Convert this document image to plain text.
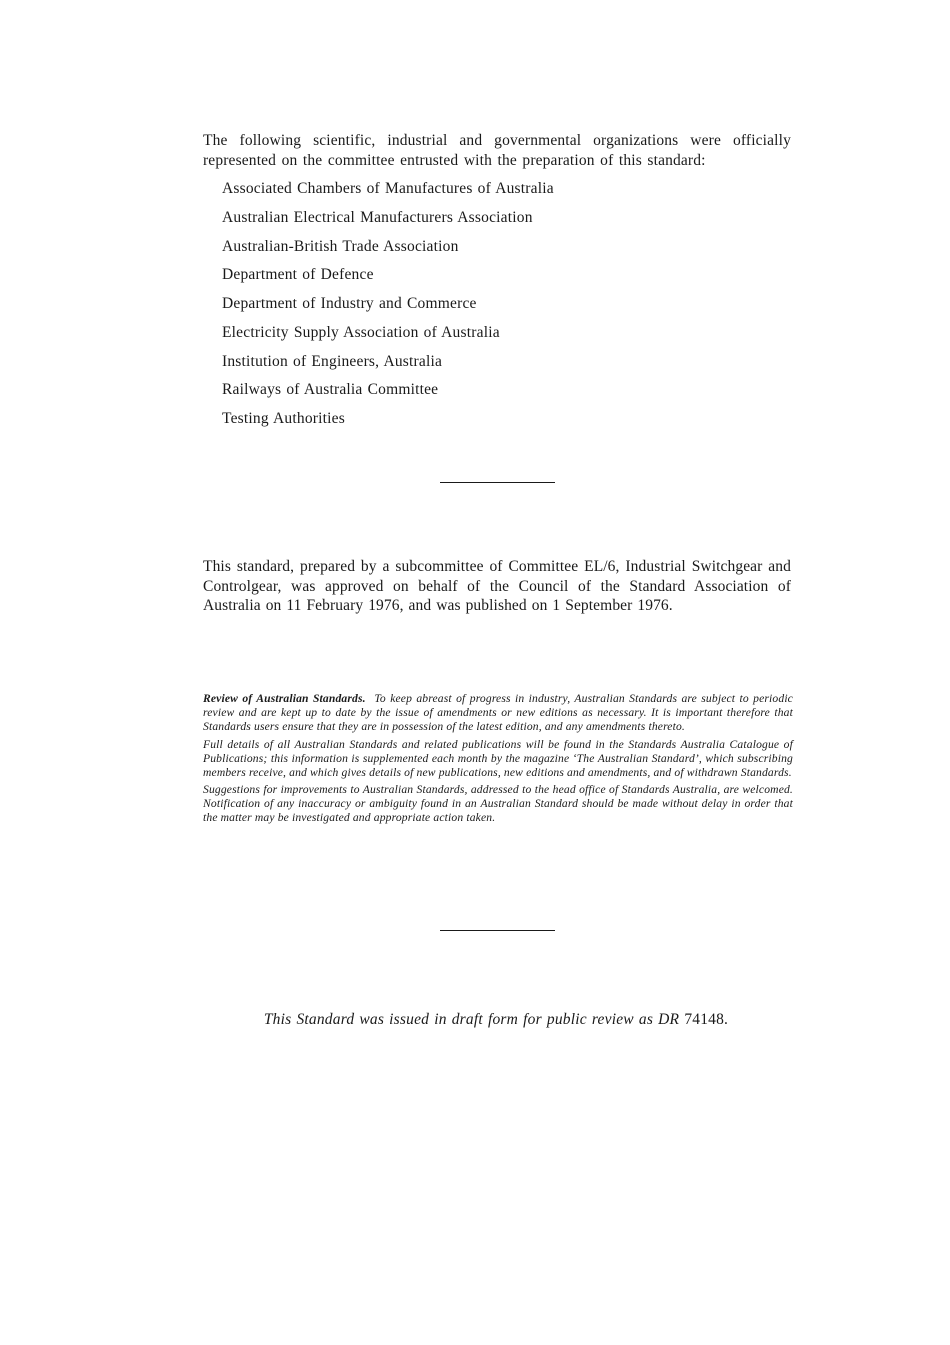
The following scientific, industrial and governmental organizations were officially represented on the committee entrusted with the preparation of this standard:

Associated Chambers of Manufactures of Australia
Australian Electrical Manufacturers Association
Australian-British Trade Association
Department of Defence
Department of Industry and Commerce
Electricity Supply Association of Australia
Institution of Engineers, Australia
Railways of Australia Committee
Testing Authorities

This standard, prepared by a subcommittee of Committee EL/6, Industrial Switchgear and Controlgear, was approved on behalf of the Council of the Standard Association of Australia on 11 February 1976, and was published on 1 September 1976.

Review of Australian Standards. To keep abreast of progress in industry, Australian Standards are subject to periodic review and are kept up to date by the issue of amendments or new editions as necessary. It is important therefore that Standards users ensure that they are in possession of the latest edition, and any amendments thereto.

Full details of all Australian Standards and related publications will be found in the Standards Australia Catalogue of Publications; this information is supplemented each month by the magazine ‘The Australian Standard’, which subscribing members receive, and which gives details of new publications, new editions and amendments, and of withdrawn Standards.

Suggestions for improvements to Australian Standards, addressed to the head office of Standards Australia, are welcomed. Notification of any inaccuracy or ambiguity found in an Australian Standard should be made without delay in order that the matter may be investigated and appropriate action taken.

This Standard was issued in draft form for public review as DR 74148.
